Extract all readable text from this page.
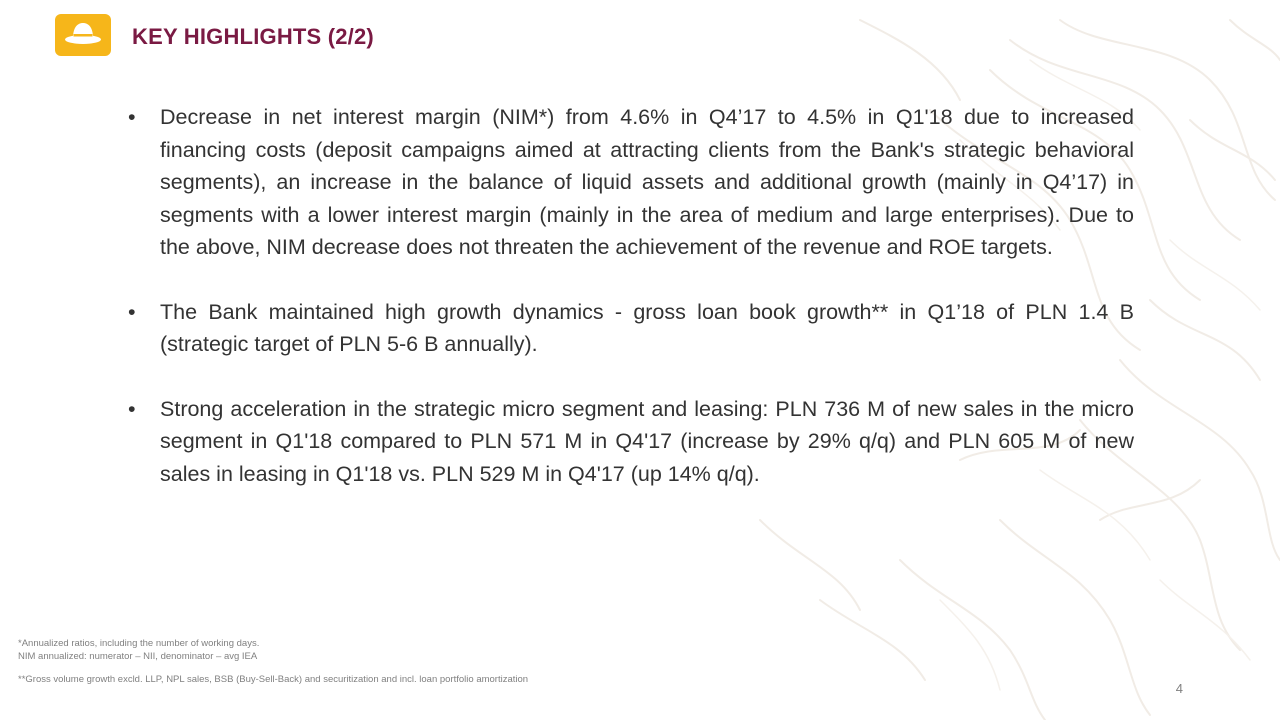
KEY HIGHLIGHTS (2/2)
• Decrease in net interest margin (NIM*) from 4.6% in Q4’17 to 4.5% in Q1'18 due to increased financing costs (deposit campaigns aimed at attracting clients from the Bank's strategic behavioral segments), an increase in the balance of liquid assets and additional growth (mainly in Q4’17) in segments with a lower interest margin (mainly in the area of medium and large enterprises). Due to the above, NIM decrease does not threaten the achievement of the revenue and ROE targets.
• The Bank maintained high growth dynamics - gross loan book growth** in Q1’18 of PLN 1.4 B (strategic target of PLN 5-6 B annually).
• Strong acceleration in the strategic micro segment and leasing: PLN 736 M of new sales in the micro segment in Q1'18 compared to PLN 571 M in Q4'17 (increase by 29% q/q) and PLN 605 M of new sales in leasing in Q1'18 vs. PLN 529 M in Q4'17 (up 14% q/q).
*Annualized ratios, including the number of working days.
NIM annualized: numerator – NII, denominator – avg IEA
**Gross volume growth excld. LLP, NPL sales, BSB (Buy-Sell-Back) and securitization and incl. loan portfolio amortization
4
